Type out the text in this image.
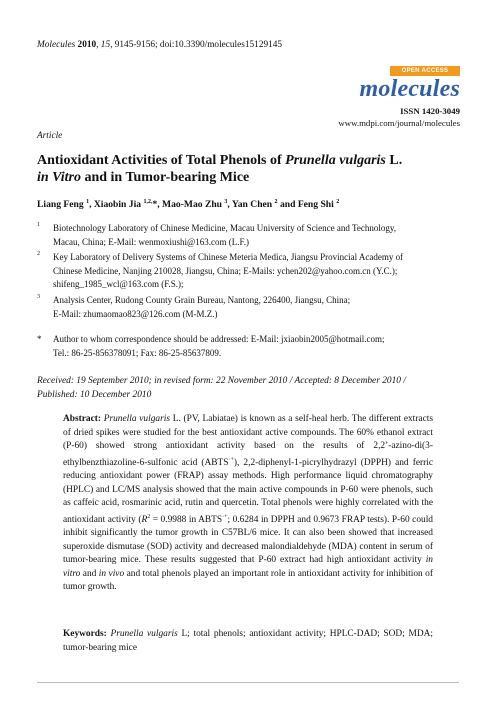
Molecules 2010, 15, 9145-9156; doi:10.3390/molecules15129145
OPEN ACCESS
molecules
ISSN 1420-3049
www.mdpi.com/journal/molecules
Article
Antioxidant Activities of Total Phenols of Prunella vulgaris L.
in Vitro and in Tumor-bearing Mice
Liang Feng $^1$, Xiaobin Jia $^{1,2,}$*, Mao-Mao Zhu $^3$, Yan Chen $^2$ and Feng Shi $^2$
1 Biotechnology Laboratory of Chinese Medicine, Macau University of Science and Technology,
Macau, China; E-Mail: wenmoxiushi@163.com (L.F.)
2 Key Laboratory of Delivery Systems of Chinese Meteria Medica, Jiangsu Provincial Academy of
Chinese Medicine, Nanjing 210028, Jiangsu, China; E-Mails: ychen202@yahoo.com.cn (Y.C.);
shifeng_1985_wcl@163.com (F.S.);
3 Analysis Center, Rudong County Grain Bureau, Nantong, 226400, Jiangsu, China;
E-Mail: zhumaomao823@126.com (M-M.Z.)
* Author to whom correspondence should be addressed: E-Mail: jxiaobin2005@hotmail.com;
Tel.: 86-25-856378091; Fax: 86-25-85637809.
Received: 19 September 2010; in revised form: 22 November 2010 / Accepted: 8 December 2010 /
Published: 10 December 2010
Abstract: Prunella vulgaris L. (PV, Labiatae) is known as a self-heal herb. The different extracts of dried spikes were studied for the best antioxidant active compounds. The 60% ethanol extract (P-60) showed strong antioxidant activity based on the results of 2,2’-azino-di(3-ethylbenzthiazoline-6-sulfonic acid (ABTS·+), 2,2-diphenyl-1-picrylhydrazyl (DPPH) and ferric reducing antioxidant power (FRAP) assay methods. High performance liquid chromatography (HPLC) and LC/MS analysis showed that the main active compounds in P-60 were phenols, such as caffeic acid, rosmarinic acid, rutin and quercetin. Total phenols were highly correlated with the antioxidant activity ($R^2 = 0.9988$ in ABTS·+; 0.6284 in DPPH and 0.9673 FRAP tests). P-60 could inhibit significantly the tumor growth in C57BL/6 mice. It can also been showed that increased superoxide dismutase (SOD) activity and decreased malondialdehyde (MDA) content in serum of tumor-bearing mice. These results suggested that P-60 extract had high antioxidant activity in vitro and in vivo and total phenols played an important role in antioxidant activity for inhibition of tumor growth.
Keywords: Prunella vulgaris L; total phenols; antioxidant activity; HPLC-DAD; SOD; MDA; tumor-bearing mice
